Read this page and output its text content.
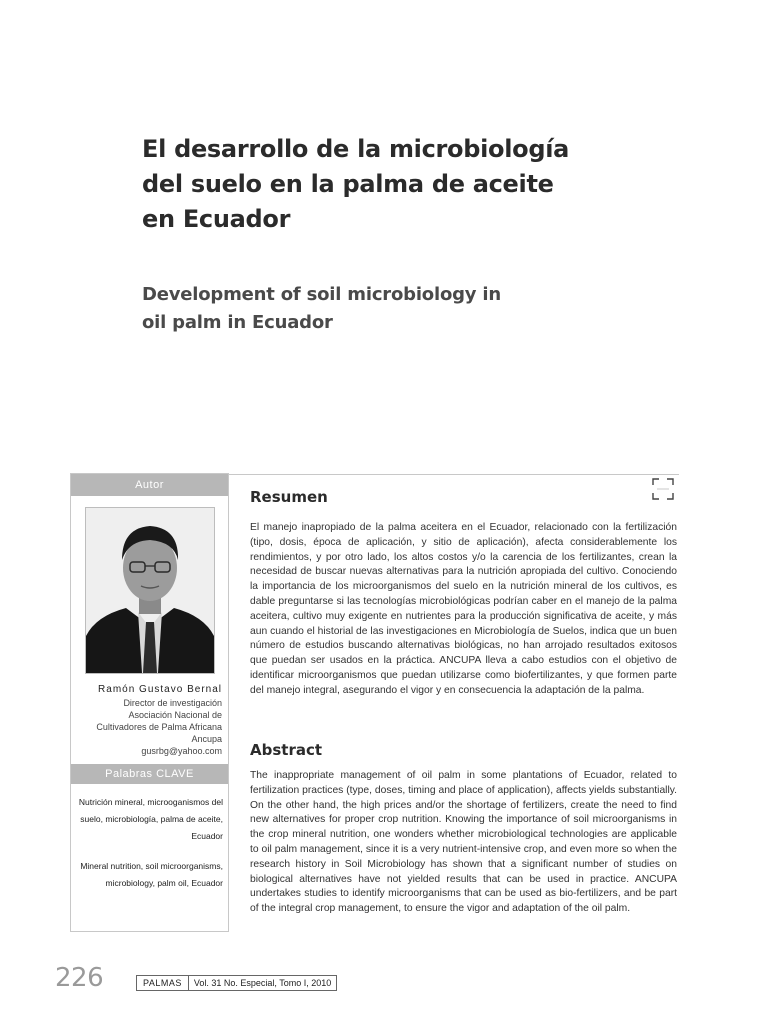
El desarrollo de la microbiología
del suelo en la palma de aceite
en Ecuador
Development of soil microbiology in
oil palm in Ecuador
Autor
Ramón Gustavo Bernal
Director de investigación
Asociación Nacional de
Cultivadores de Palma Africana
Ancupa
gusrbg@yahoo.com
Palabras CLAVE
Nutrición mineral, microoganismos del suelo, microbiología, palma de aceite, Ecuador
Mineral nutrition, soil microorganisms, microbiology, palm oil, Ecuador
Resumen
El manejo inapropiado de la palma aceitera en el Ecuador, relacionado con la fertilización (tipo, dosis, época de aplicación, y sitio de aplicación), afecta considerablemente los rendimientos, y por otro lado, los altos costos y/o la carencia de los fertilizantes, crean la necesidad de buscar nuevas alternativas para la nutrición apropiada del cultivo. Conociendo la importancia de los microorganismos del suelo en la nutrición mineral de los cultivos, es dable preguntarse si las tecnologías microbiológicas podrían caber en el manejo de la palma aceitera, cultivo muy exigente en nutrientes para la producción significativa de aceite, y más aun cuando el historial de las investigaciones en Microbiología de Suelos, indica que un buen número de estudios buscando alternativas biológicas, no han arrojado resultados exitosos que puedan ser usados en la práctica. ANCUPA lleva a cabo estudios con el objetivo de identificar microorganismos que puedan utilizarse como biofertilizantes, y que formen parte del manejo integral, asegurando el vigor y en consecuencia la adaptación de la palma.
Abstract
The inappropriate management of oil palm in some plantations of Ecuador, related to fertilization practices (type, doses, timing and place of application), affects yields substantially. On the other hand, the high prices and/or the shortage of fertilizers, create the need to find new alternatives for proper crop nutrition. Knowing the importance of soil microorganisms in the crop mineral nutrition, one wonders whether microbiological technologies are applicable to oil palm management, since it is a very nutrient-intensive crop, and even more so when the research history in Soil Microbiology has shown that a significant number of studies on biological alternatives have not yielded results that can be used in practice. ANCUPA undertakes studies to identify microorganisms that can be used as bio-fertilizers, and be part of the integral crop management, to ensure the vigor and adaptation of the oil palm.
226	PALMAS	Vol. 31 No. Especial, Tomo I, 2010
